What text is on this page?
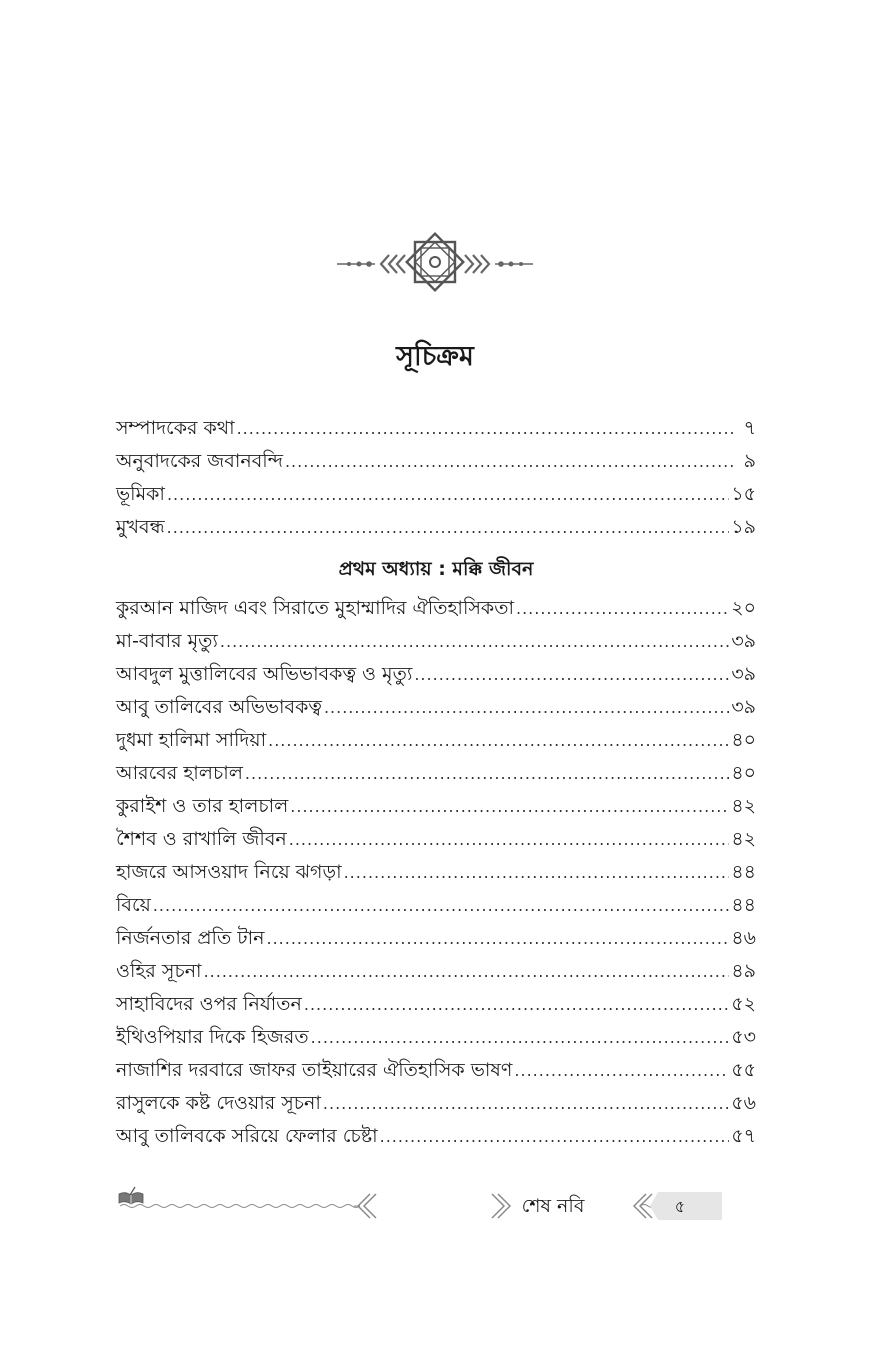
সূচিক্রম
সম্পাদকের কথা .....	৭
অনুবাদকের জবানবন্দি .....	৯
ভূমিকা .....	১৫
মুখবন্ধ .....	১৯
প্রথম অধ্যায় : মক্কি জীবন
কুরআন মাজিদ এবং সিরাতে মুহাম্মাদির ঐতিহাসিকতা .....	২০
মা-বাবার মৃত্যু .....	৩৯
আবদুল মুত্তালিবের অভিভাবকত্ব ও মৃত্যু .....	৩৯
আবু তালিবের অভিভাবকত্ব .....	৩৯
দুধমা হালিমা সাদিয়া .....	৪০
আরবের হালচাল .....	৪০
কুরাইশ ও তার হালচাল .....	৪২
শৈশব ও রাখালি জীবন .....	৪২
হাজরে আসওয়াদ নিয়ে ঝগড়া .....	৪৪
বিয়ে .....	৪৪
নির্জনতার প্রতি টান .....	৪৬
ওহির সূচনা .....	৪৯
সাহাবিদের ওপর নির্যাতন .....	৫২
ইথিওপিয়ার দিকে হিজরত .....	৫৩
নাজাশির দরবারে জাফর তাইয়ারের ঐতিহাসিক ভাষণ .....	৫৫
রাসুলকে কষ্ট দেওয়ার সূচনা .....	৫৬
আবু তালিবকে সরিয়ে ফেলার চেষ্টা .....	৫৭
শেষ নবি	৫
